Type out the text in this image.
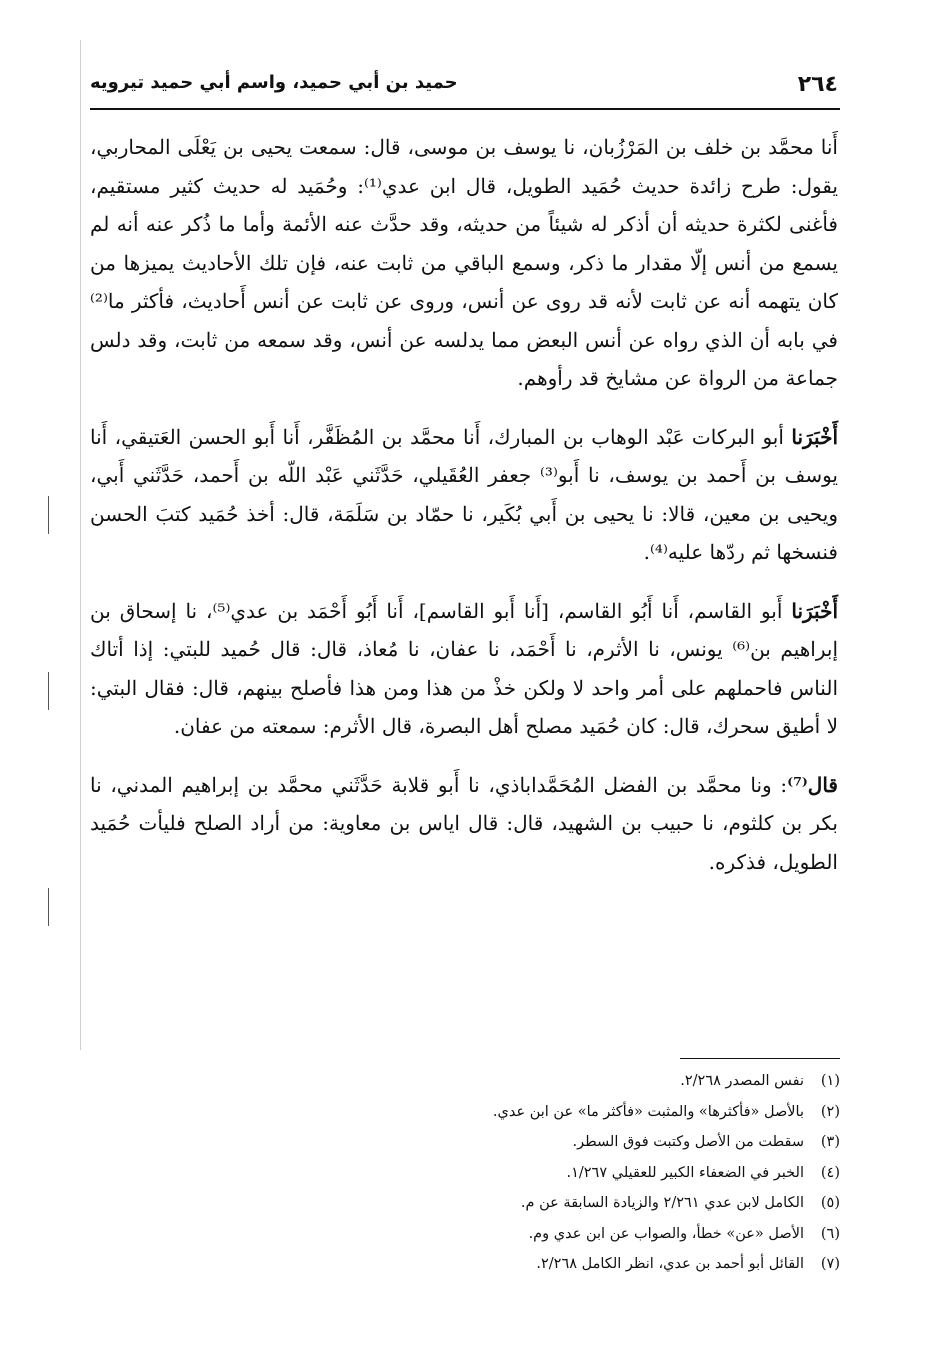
٢٦٤
حميد بن أبي حميد، واسم أبي حميد تيرويه

أَنا محمَّد بن خلف بن المَرْزُبان، نا يوسف بن موسى، قال: سمعت يحيى بن يَعْلَى المحاربي، يقول: طرح زائدة حديث حُمَيد الطويل، قال ابن عدي⁽¹⁾: وحُمَيد له حديث كثير مستقيم، فأغنى لكثرة حديثه أن أذكر له شيئاً من حديثه، وقد حدَّث عنه الأئمة وأما ما ذُكر عنه أنه لم يسمع من أنس إلّا مقدار ما ذكر، وسمع الباقي من ثابت عنه، فإن تلك الأحاديث يميزها من كان يتهمه أنه عن ثابت لأنه قد روى عن أنس، وروى عن ثابت عن أنس أَحاديث، فأكثر ما⁽²⁾ في بابه أن الذي رواه عن أنس البعض مما يدلسه عن أنس، وقد سمعه من ثابت، وقد دلس جماعة من الرواة عن مشايخ قد رأوهم.

أَخْبَرَنا أبو البركات عَبْد الوهاب بن المبارك، أَنا محمَّد بن المُظَفَّر، أَنا أَبو الحسن العَتيقي، أَنا يوسف بن أَحمد بن يوسف، نا أَبو⁽³⁾ جعفر العُقَيلي، حَدَّثَني عَبْد اللّه بن أَحمد، حَدَّثَني أَبي، ويحيى بن معين، قالا: نا يحيى بن أَبي بُكَير، نا حمّاد بن سَلَمَة، قال: أخذ حُمَيد كتبَ الحسن فنسخها ثم ردّها عليه⁽⁴⁾.

أَخْبَرَنا أَبو القاسم، أَنا أَبُو القاسم، [أَنا أَبو القاسم]، أَنا أَبُو أَحْمَد بن عدي⁽⁵⁾، نا إسحاق بن إبراهيم بن⁽⁶⁾ يونس، نا الأثرم، نا أَحْمَد، نا عفان، نا مُعاذ، قال: قال حُميد للبتي: إذا أتاك الناس فاحملهم على أمر واحد لا ولكن خذْ من هذا ومن هذا فأصلح بينهم، قال: فقال البتي: لا أطيق سحرك، قال: كان حُمَيد مصلح أهل البصرة، قال الأثرم: سمعته من عفان.

قال⁽⁷⁾: ونا محمَّد بن الفضل المُحَمَّداباذي، نا أَبو قلابة حَدَّثَني محمَّد بن إبراهيم المدني، نا بكر بن كلثوم، نا حبيب بن الشهيد، قال: قال اياس بن معاوية: من أراد الصلح فليأت حُمَيد الطويل، فذكره.

(١)نفس المصدر ٢/٢٦٨.
(٢)بالأصل «فأكثرها» والمثبت «فأكثر ما» عن ابن عدي.
(٣)سقطت من الأصل وكتبت فوق السطر.
(٤)الخبر في الضعفاء الكبير للعقيلي ١/٢٦٧.
(٥)الكامل لابن عدي ٢/٢٦١ والزيادة السابقة عن م.
(٦)الأصل «عن» خطأ، والصواب عن ابن عدي وم.
(٧)القائل أبو أحمد بن عدي، انظر الكامل ٢/٢٦٨.
